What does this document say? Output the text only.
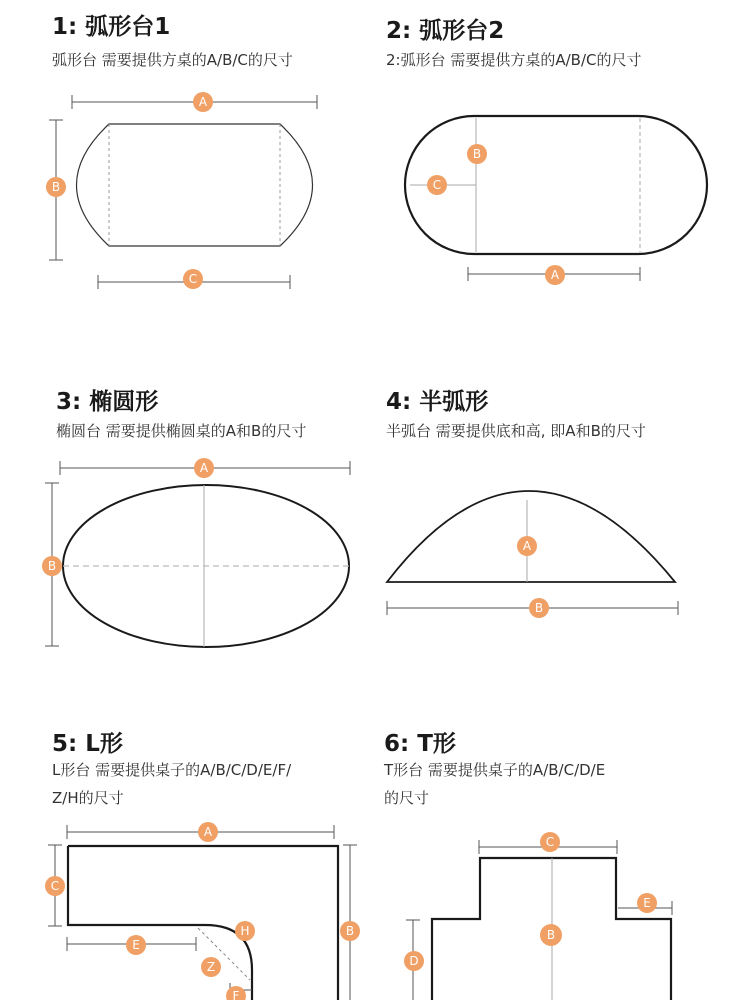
1: 弧形台1
弧形台 需要提供方桌的A/B/C的尺寸
2: 弧形台2
2:弧形台 需要提供方桌的A/B/C的尺寸
3: 椭圆形
椭圆台 需要提供椭圆桌的A和B的尺寸
4: 半弧形
半弧台 需要提供底和高, 即A和B的尺寸
5: L形
L形台 需要提供桌子的A/B/C/D/E/F/
Z/H的尺寸
6: T形
T形台 需要提供桌子的A/B/C/D/E
的尺寸
A
B
C
B
C
A
A
B
A
B
A
C
H	B
E
Z
F
C
E
B
D
